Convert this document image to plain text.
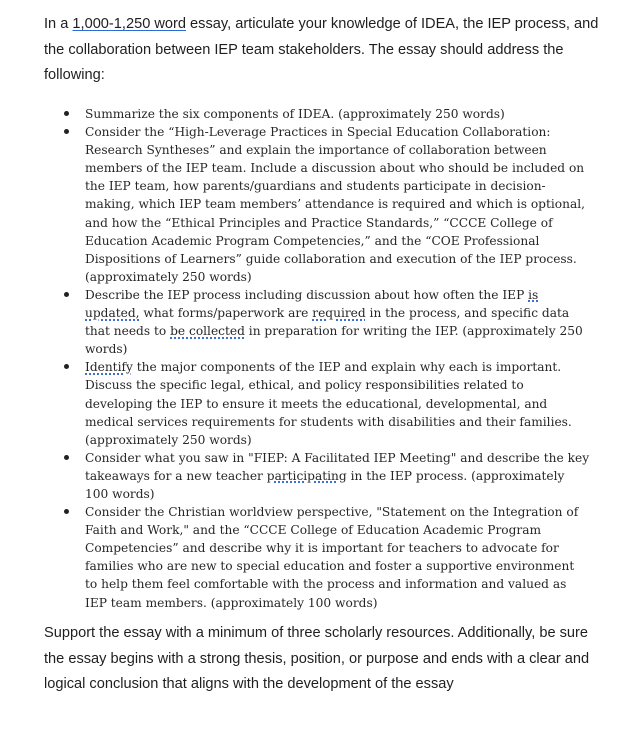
In a 1,000-1,250 word essay, articulate your knowledge of IDEA, the IEP process, and the collaboration between IEP team stakeholders. The essay should address the following:

Summarize the six components of IDEA. (approximately 250 words)
Consider the “High-Leverage Practices in Special Education Collaboration: Research Syntheses” and explain the importance of collaboration between members of the IEP team. Include a discussion about who should be included on the IEP team, how parents/guardians and students participate in decision-making, which IEP team members’ attendance is required and which is optional, and how the “Ethical Principles and Practice Standards,” “CCCE College of Education Academic Program Competencies,” and the “COE Professional Dispositions of Learners” guide collaboration and execution of the IEP process. (approximately 250 words)
Describe the IEP process including discussion about how often the IEP is updated, what forms/paperwork are required in the process, and specific data that needs to be collected in preparation for writing the IEP. (approximately 250 words)
Identify the major components of the IEP and explain why each is important. Discuss the specific legal, ethical, and policy responsibilities related to developing the IEP to ensure it meets the educational, developmental, and medical services requirements for students with disabilities and their families. (approximately 250 words)
Consider what you saw in "FIEP: A Facilitated IEP Meeting" and describe the key takeaways for a new teacher participating in the IEP process. (approximately 100 words)
Consider the Christian worldview perspective, "Statement on the Integration of Faith and Work," and the “CCCE College of Education Academic Program Competencies” and describe why it is important for teachers to advocate for families who are new to special education and foster a supportive environment to help them feel comfortable with the process and information and valued as IEP team members. (approximately 100 words)

Support the essay with a minimum of three scholarly resources. Additionally, be sure the essay begins with a strong thesis, position, or purpose and ends with a clear and logical conclusion that aligns with the development of the essay
